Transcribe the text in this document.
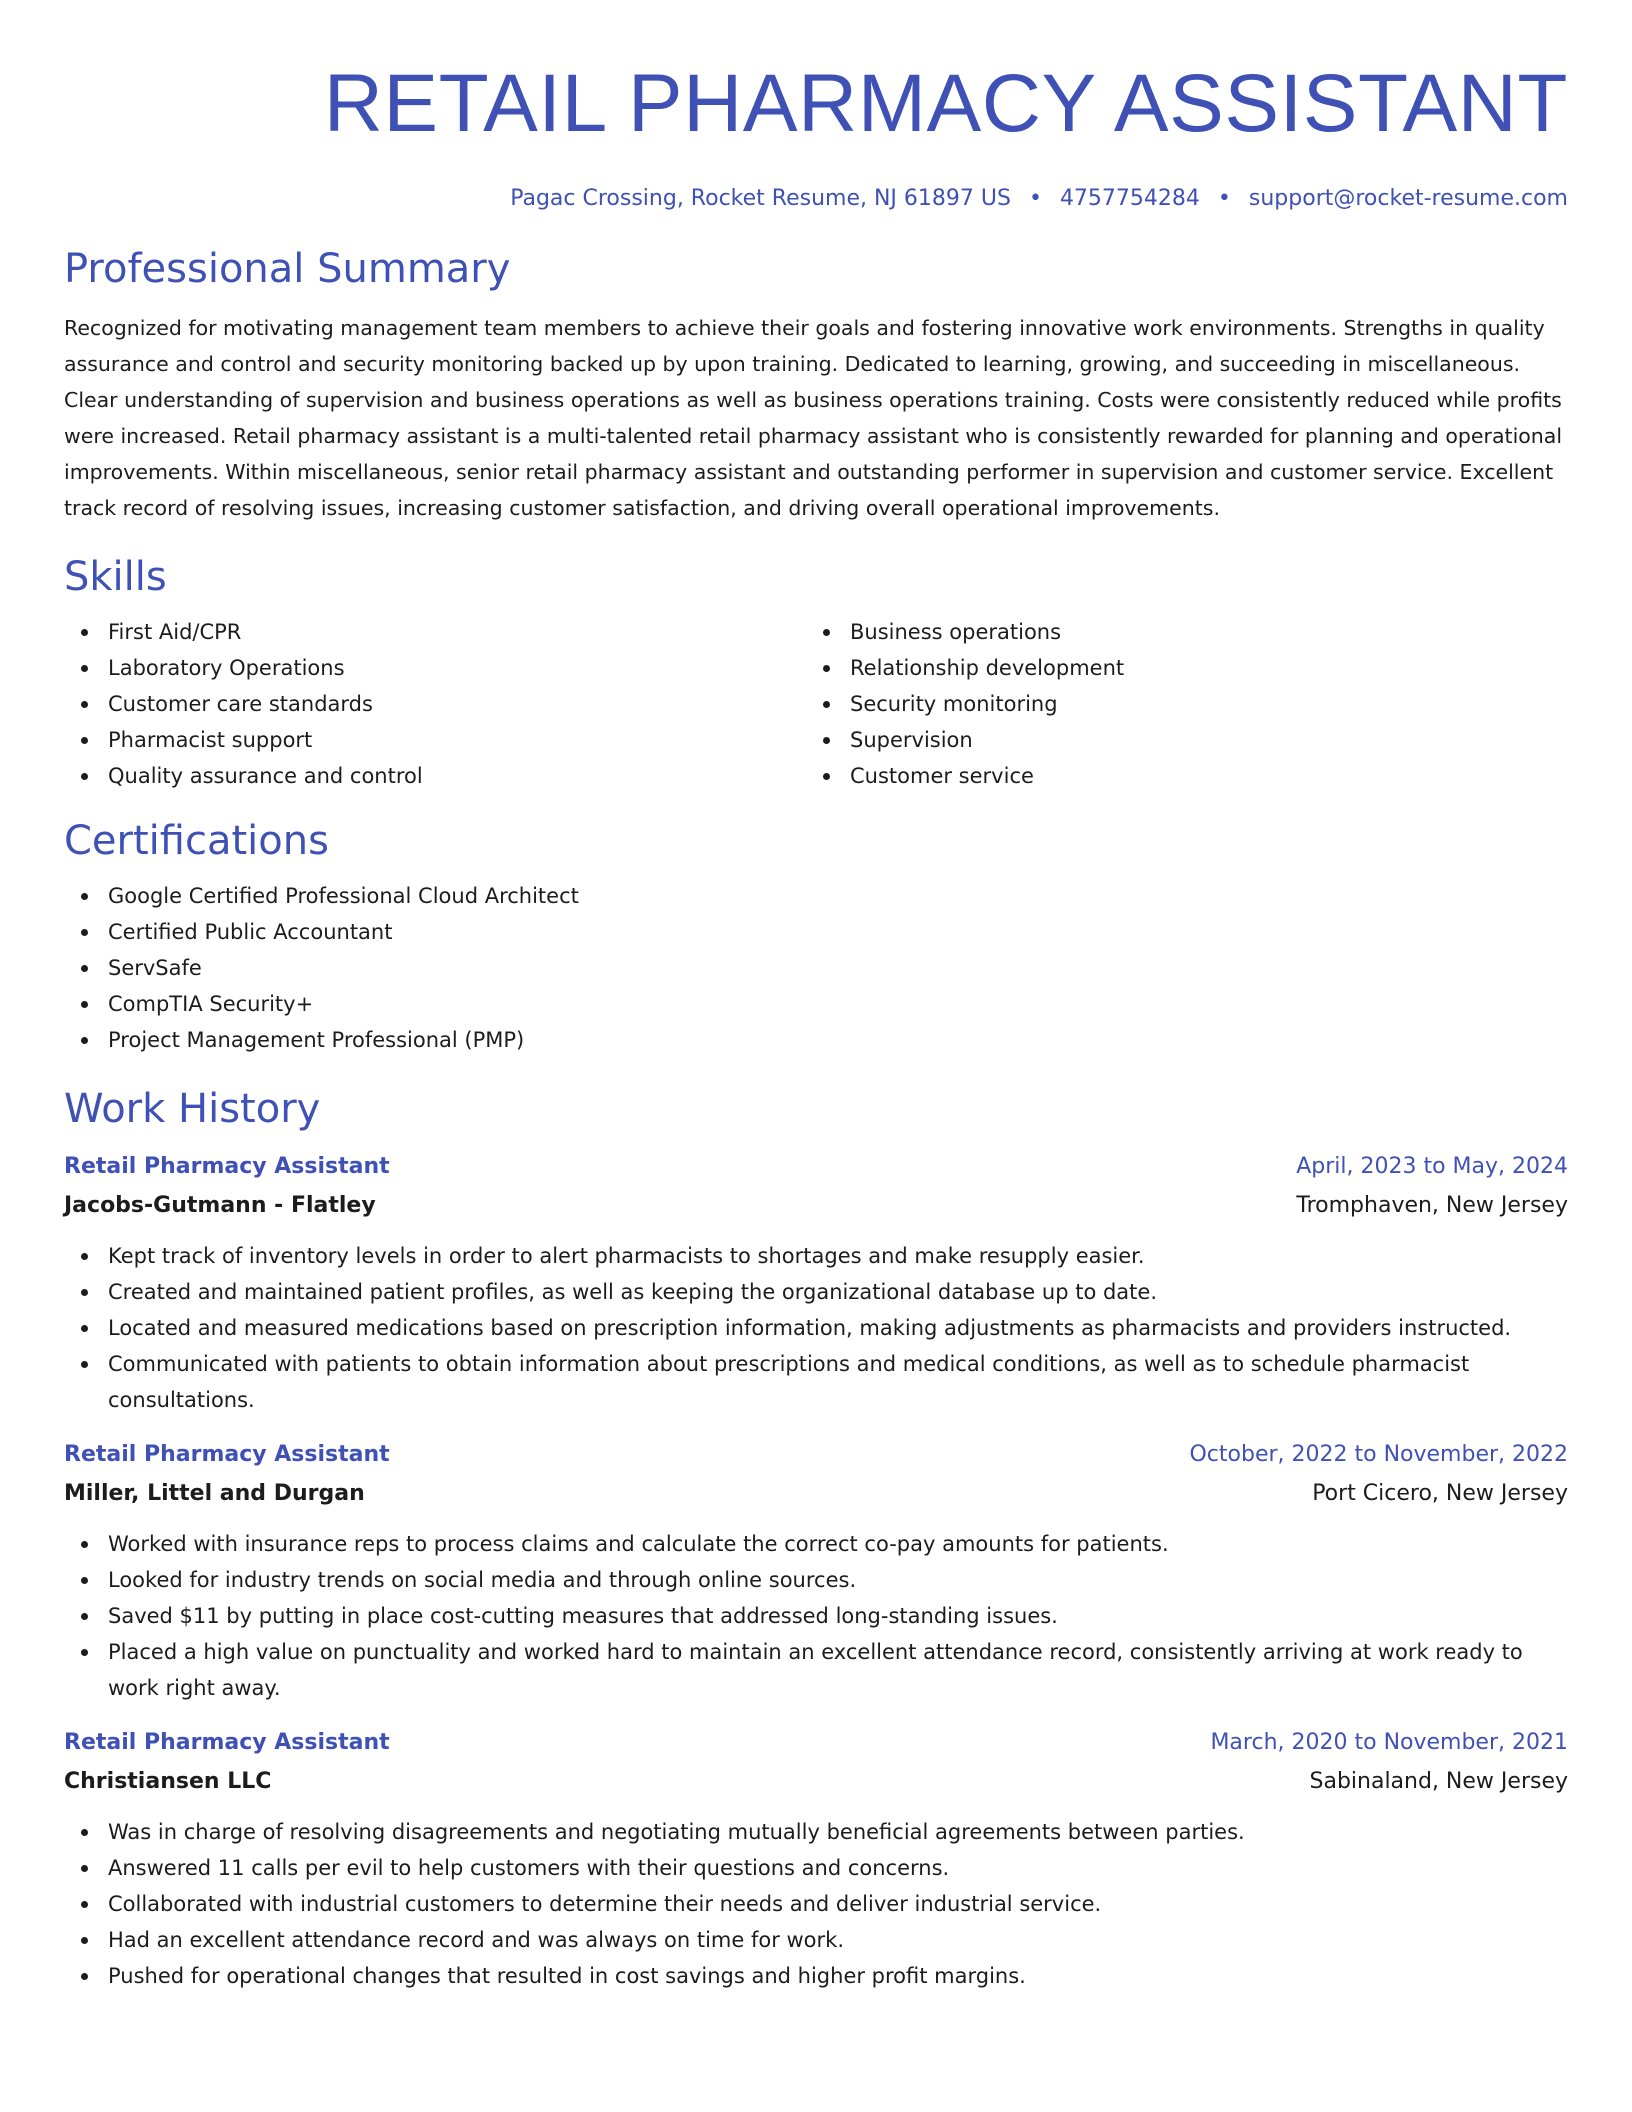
RETAIL PHARMACY ASSISTANT
Pagac Crossing, Rocket Resume, NJ 61897 US • 4757754284 • support@rocket-resume.com
Professional Summary

Recognized for motivating management team members to achieve their goals and fostering innovative work environments. Strengths in quality assurance and control and security monitoring backed up by upon training. Dedicated to learning, growing, and succeeding in miscellaneous. Clear understanding of supervision and business operations as well as business operations training. Costs were consistently reduced while profits were increased. Retail pharmacy assistant is a multi-talented retail pharmacy assistant who is consistently rewarded for planning and operational improvements. Within miscellaneous, senior retail pharmacy assistant and outstanding performer in supervision and customer service. Excellent track record of resolving issues, increasing customer satisfaction, and driving overall operational improvements.

Skills
First Aid/CPR
Laboratory Operations
Customer care standards
Pharmacist support
Quality assurance and control
Business operations
Relationship development
Security monitoring
Supervision
Customer service
Certifications
Google Certified Professional Cloud Architect
Certified Public Accountant
ServSafe
CompTIA Security+
Project Management Professional (PMP)
Work History
Retail Pharmacy Assistant	April, 2023 to May, 2024
Jacobs-Gutmann - Flatley	Tromphaven, New Jersey
Kept track of inventory levels in order to alert pharmacists to shortages and make resupply easier.
Created and maintained patient profiles, as well as keeping the organizational database up to date.
Located and measured medications based on prescription information, making adjustments as pharmacists and providers instructed.
Communicated with patients to obtain information about prescriptions and medical conditions, as well as to schedule pharmacist consultations.
Retail Pharmacy Assistant	October, 2022 to November, 2022
Miller, Littel and Durgan	Port Cicero, New Jersey
Worked with insurance reps to process claims and calculate the correct co-pay amounts for patients.
Looked for industry trends on social media and through online sources.
Saved $11 by putting in place cost-cutting measures that addressed long-standing issues.
Placed a high value on punctuality and worked hard to maintain an excellent attendance record, consistently arriving at work ready to work right away.
Retail Pharmacy Assistant	March, 2020 to November, 2021
Christiansen LLC	Sabinaland, New Jersey
Was in charge of resolving disagreements and negotiating mutually beneficial agreements between parties.
Answered 11 calls per evil to help customers with their questions and concerns.
Collaborated with industrial customers to determine their needs and deliver industrial service.
Had an excellent attendance record and was always on time for work.
Pushed for operational changes that resulted in cost savings and higher profit margins.
